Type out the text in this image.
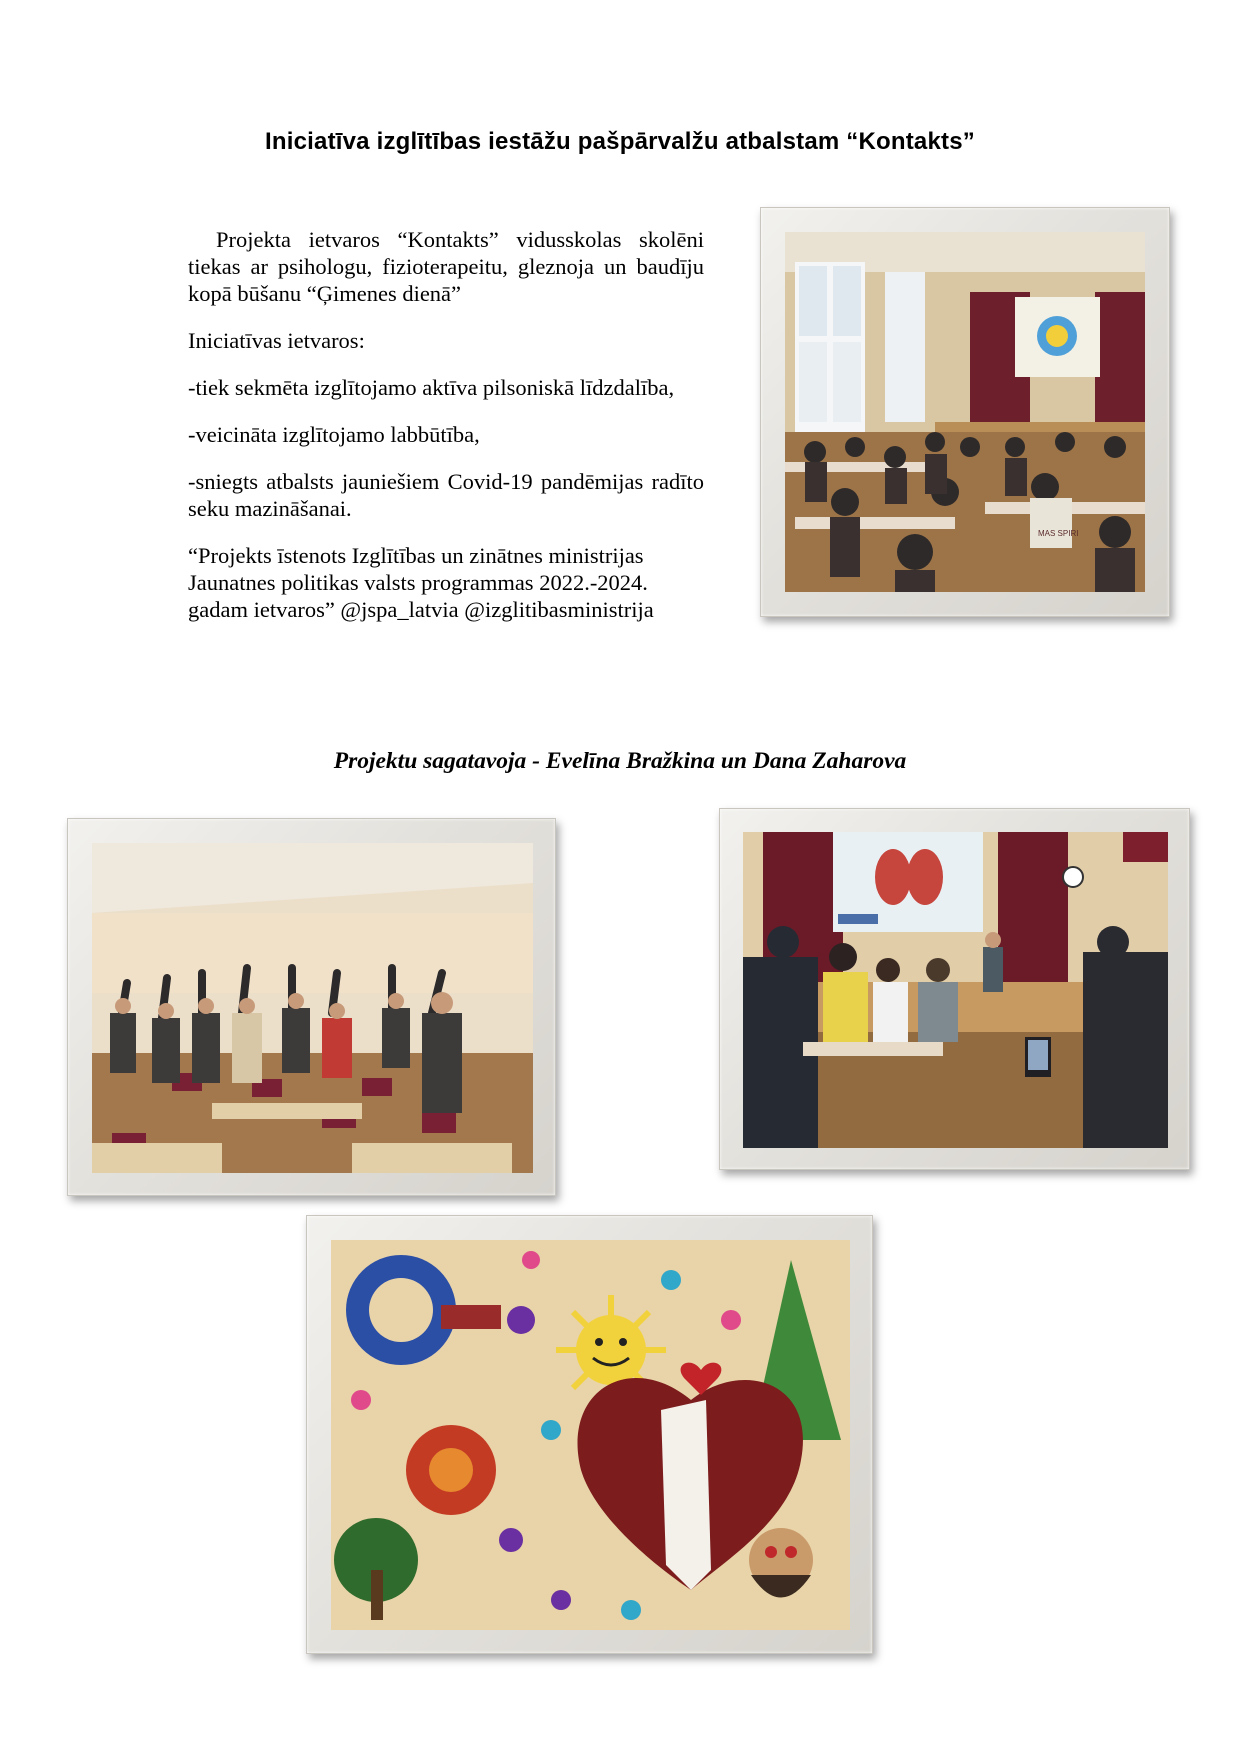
Iniciatīva izglītības iestāžu pašpārvalžu atbalstam “Kontakts”

Projekta ietvaros “Kontakts” vidusskolas skolēni tiekas ar psihologu, fizioterapeitu, gleznoja un baudīju kopā būšanu “Ģimenes dienā”

Iniciatīvas ietvaros:

-tiek sekmēta izglītojamo aktīva pilsoniskā līdzdalība,

-veicināta izglītojamo labbūtība,

-sniegts atbalsts jauniešiem Covid-19 pandēmijas radīto seku mazināšanai.

“Projekts īstenots Izglītības un zinātnes ministrijas Jaunatnes politikas valsts programmas 2022.-2024. gadam ietvaros” @jspa_latvia @izglitibasministrija

MAS SPIRI
Projektu sagatavoja - Evelīna Bražkina un Dana Zaharova
